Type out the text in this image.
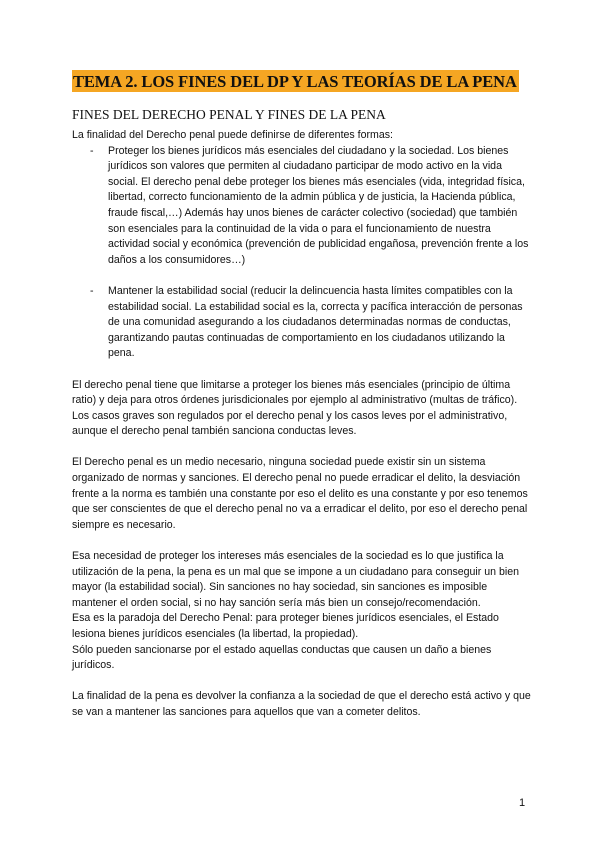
TEMA 2. LOS FINES DEL DP Y LAS TEORÍAS DE LA PENA
FINES DEL DERECHO PENAL Y FINES DE LA PENA

La finalidad del Derecho penal puede definirse de diferentes formas:

- Proteger los bienes jurídicos más esenciales del ciudadano y la sociedad. Los bienes jurídicos son valores que permiten al ciudadano participar de modo activo en la vida social. El derecho penal debe proteger los bienes más esenciales (vida, integridad física, libertad, correcto funcionamiento de la admin pública y de justicia, la Hacienda pública, fraude fiscal,…) Además hay unos bienes de carácter colectivo (sociedad) que también son esenciales para la continuidad de la vida o para el funcionamiento de nuestra actividad social y económica (prevención de publicidad engañosa, prevención frente a los daños a los consumidores…)
- Mantener la estabilidad social (reducir la delincuencia hasta límites compatibles con la estabilidad social. La estabilidad social es la, correcta y pacífica interacción de personas de una comunidad asegurando a los ciudadanos determinadas normas de conductas, garantizando pautas continuadas de comportamiento en los ciudadanos utilizando la pena.

El derecho penal tiene que limitarse a proteger los bienes más esenciales (principio de última ratio) y deja para otros órdenes jurisdicionales por ejemplo al administrativo (multas de tráfico). Los casos graves son regulados por el derecho penal y los casos leves por el administrativo, aunque el derecho penal también sanciona conductas leves.

El Derecho penal es un medio necesario, ninguna sociedad puede existir sin un sistema organizado de normas y sanciones. El derecho penal no puede erradicar el delito, la desviación frente a la norma es también una constante por eso el delito es una constante y por eso tenemos que ser conscientes de que el derecho penal no va a erradicar el delito, por eso el derecho penal siempre es necesario.

Esa necesidad de proteger los intereses más esenciales de la sociedad es lo que justifica la utilización de la pena, la pena es un mal que se impone a un ciudadano para conseguir un bien mayor (la estabilidad social). Sin sanciones no hay sociedad, sin sanciones es imposible mantener el orden social, si no hay sanción sería más bien un consejo/recomendación.

Esa es la paradoja del Derecho Penal: para proteger bienes jurídicos esenciales, el Estado lesiona bienes jurídicos esenciales (la libertad, la propiedad).

Sólo pueden sancionarse por el estado aquellas conductas que causen un daño a bienes jurídicos.

La finalidad de la pena es devolver la confianza a la sociedad de que el derecho está activo y que se van a mantener las sanciones para aquellos que van a cometer delitos.

1
